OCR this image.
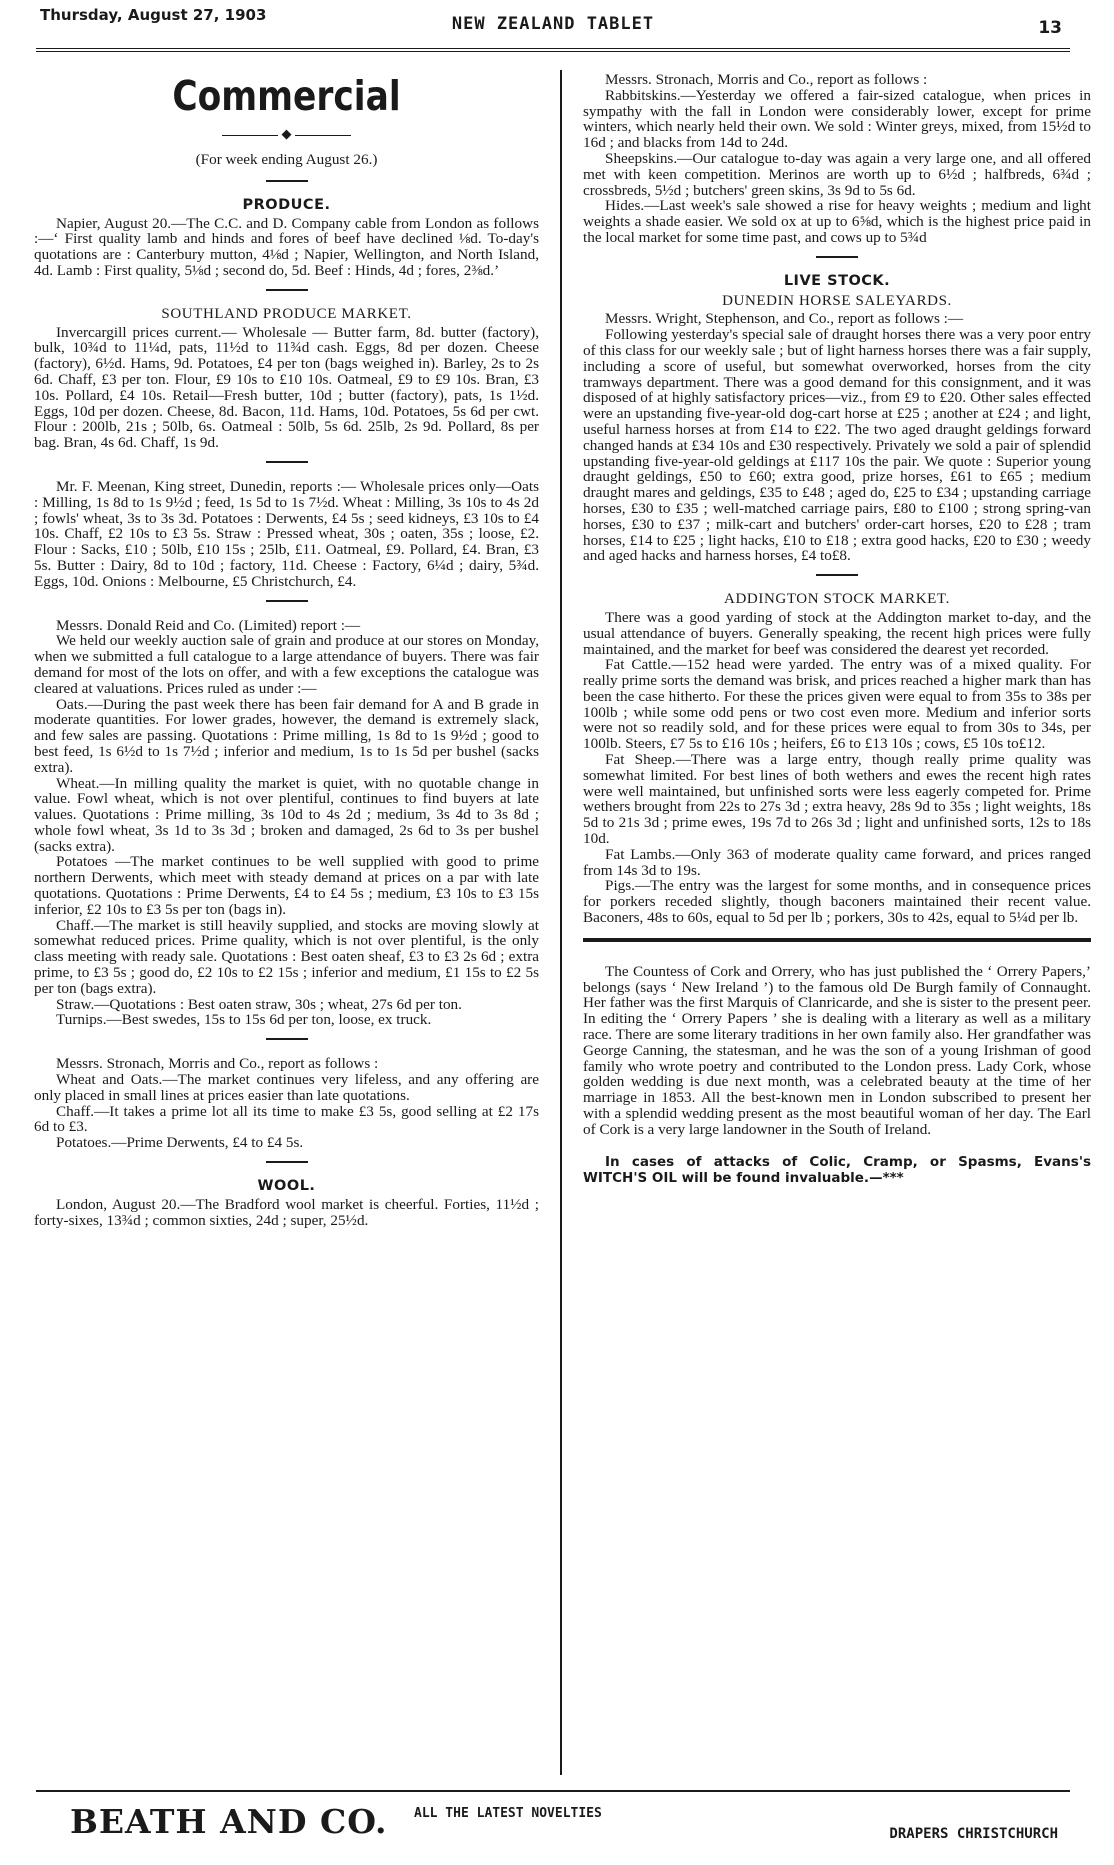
Thursday, August 27, 1903	NEW ZEALAND TABLET	13
Commercial
◆
(For week ending August 26.)
PRODUCE.

Napier, August 20.—The C.C. and D. Company cable from London as follows :—‘ First quality lamb and hinds and fores of beef have declined ⅛d. To-day's quotations are : Canterbury mutton, 4⅛d ; Napier, Wellington, and North Island, 4d. Lamb : First quality, 5⅛d ; second do, 5d. Beef : Hinds, 4d ; fores, 2⅜d.’

SOUTHLAND PRODUCE MARKET.

Invercargill prices current.— Wholesale — Butter farm, 8d. butter (factory), bulk, 10¾d to 11¼d, pats, 11½d to 11¾d cash. Eggs, 8d per dozen. Cheese (factory), 6½d. Hams, 9d. Potatoes, £4 per ton (bags weighed in). Barley, 2s to 2s 6d. Chaff, £3 per ton. Flour, £9 10s to £10 10s. Oatmeal, £9 to £9 10s. Bran, £3 10s. Pollard, £4 10s. Retail—Fresh butter, 10d ; butter (factory), pats, 1s 1½d. Eggs, 10d per dozen. Cheese, 8d. Bacon, 11d. Hams, 10d. Potatoes, 5s 6d per cwt. Flour : 200lb, 21s ; 50lb, 6s. Oatmeal : 50lb, 5s 6d. 25lb, 2s 9d. Pollard, 8s per bag. Bran, 4s 6d. Chaff, 1s 9d.

Mr. F. Meenan, King street, Dunedin, reports :— Wholesale prices only—Oats : Milling, 1s 8d to 1s 9½d ; feed, 1s 5d to 1s 7½d. Wheat : Milling, 3s 10s to 4s 2d ; fowls' wheat, 3s to 3s 3d. Potatoes : Derwents, £4 5s ; seed kidneys, £3 10s to £4 10s. Chaff, £2 10s to £3 5s. Straw : Pressed wheat, 30s ; oaten, 35s ; loose, £2. Flour : Sacks, £10 ; 50lb, £10 15s ; 25lb, £11. Oatmeal, £9. Pollard, £4. Bran, £3 5s. Butter : Dairy, 8d to 10d ; factory, 11d. Cheese : Factory, 6¼d ; dairy, 5¾d. Eggs, 10d. Onions : Melbourne, £5 Christchurch, £4.

Messrs. Donald Reid and Co. (Limited) report :—

We held our weekly auction sale of grain and produce at our stores on Monday, when we submitted a full catalogue to a large attendance of buyers. There was fair demand for most of the lots on offer, and with a few exceptions the catalogue was cleared at valuations. Prices ruled as under :—

Oats.—During the past week there has been fair demand for A and B grade in moderate quantities. For lower grades, however, the demand is extremely slack, and few sales are passing. Quotations : Prime milling, 1s 8d to 1s 9½d ; good to best feed, 1s 6½d to 1s 7½d ; inferior and medium, 1s to 1s 5d per bushel (sacks extra).

Wheat.—In milling quality the market is quiet, with no quotable change in value. Fowl wheat, which is not over plentiful, continues to find buyers at late values. Quotations : Prime milling, 3s 10d to 4s 2d ; medium, 3s 4d to 3s 8d ; whole fowl wheat, 3s 1d to 3s 3d ; broken and damaged, 2s 6d to 3s per bushel (sacks extra).

Potatoes —The market continues to be well supplied with good to prime northern Derwents, which meet with steady demand at prices on a par with late quotations. Quotations : Prime Derwents, £4 to £4 5s ; medium, £3 10s to £3 15s inferior, £2 10s to £3 5s per ton (bags in).

Chaff.—The market is still heavily supplied, and stocks are moving slowly at somewhat reduced prices. Prime quality, which is not over plentiful, is the only class meeting with ready sale. Quotations : Best oaten sheaf, £3 to £3 2s 6d ; extra prime, to £3 5s ; good do, £2 10s to £2 15s ; inferior and medium, £1 15s to £2 5s per ton (bags extra).

Straw.—Quotations : Best oaten straw, 30s ; wheat, 27s 6d per ton.

Turnips.—Best swedes, 15s to 15s 6d per ton, loose, ex truck.

Messrs. Stronach, Morris and Co., report as follows :

Wheat and Oats.—The market continues very lifeless, and any offering are only placed in small lines at prices easier than late quotations.

Chaff.—It takes a prime lot all its time to make £3 5s, good selling at £2 17s 6d to £3.

Potatoes.—Prime Derwents, £4 to £4 5s.

WOOL.

London, August 20.—The Bradford wool market is cheerful. Forties, 11½d ; forty-sixes, 13¾d ; common sixties, 24d ; super, 25½d.

Messrs. Stronach, Morris and Co., report as follows :

Rabbitskins.—Yesterday we offered a fair-sized catalogue, when prices in sympathy with the fall in London were considerably lower, except for prime winters, which nearly held their own. We sold : Winter greys, mixed, from 15½d to 16d ; and blacks from 14d to 24d.

Sheepskins.—Our catalogue to-day was again a very large one, and all offered met with keen competition. Merinos are worth up to 6½d ; halfbreds, 6¾d ; crossbreds, 5½d ; butchers' green skins, 3s 9d to 5s 6d.

Hides.—Last week's sale showed a rise for heavy weights ; medium and light weights a shade easier. We sold ox at up to 6⅝d, which is the highest price paid in the local market for some time past, and cows up to 5¾d

LIVE STOCK.
DUNEDIN HORSE SALEYARDS.

Messrs. Wright, Stephenson, and Co., report as follows :—

Following yesterday's special sale of draught horses there was a very poor entry of this class for our weekly sale ; but of light harness horses there was a fair supply, including a score of useful, but somewhat overworked, horses from the city tramways department. There was a good demand for this consignment, and it was disposed of at highly satisfactory prices—viz., from £9 to £20. Other sales effected were an upstanding five-year-old dog-cart horse at £25 ; another at £24 ; and light, useful harness horses at from £14 to £22. The two aged draught geldings forward changed hands at £34 10s and £30 respectively. Privately we sold a pair of splendid upstanding five-year-old geldings at £117 10s the pair. We quote : Superior young draught geldings, £50 to £60; extra good, prize horses, £61 to £65 ; medium draught mares and geldings, £35 to £48 ; aged do, £25 to £34 ; upstanding carriage horses, £30 to £35 ; well-matched carriage pairs, £80 to £100 ; strong spring-van horses, £30 to £37 ; milk-cart and butchers' order-cart horses, £20 to £28 ; tram horses, £14 to £25 ; light hacks, £10 to £18 ; extra good hacks, £20 to £30 ; weedy and aged hacks and harness horses, £4 to£8.

ADDINGTON STOCK MARKET.

There was a good yarding of stock at the Addington market to-day, and the usual attendance of buyers. Generally speaking, the recent high prices were fully maintained, and the market for beef was considered the dearest yet recorded.

Fat Cattle.—152 head were yarded. The entry was of a mixed quality. For really prime sorts the demand was brisk, and prices reached a higher mark than has been the case hitherto. For these the prices given were equal to from 35s to 38s per 100lb ; while some odd pens or two cost even more. Medium and inferior sorts were not so readily sold, and for these prices were equal to from 30s to 34s, per 100lb. Steers, £7 5s to £16 10s ; heifers, £6 to £13 10s ; cows, £5 10s to£12.

Fat Sheep.—There was a large entry, though really prime quality was somewhat limited. For best lines of both wethers and ewes the recent high rates were well maintained, but unfinished sorts were less eagerly competed for. Prime wethers brought from 22s to 27s 3d ; extra heavy, 28s 9d to 35s ; light weights, 18s 5d to 21s 3d ; prime ewes, 19s 7d to 26s 3d ; light and unfinished sorts, 12s to 18s 10d.

Fat Lambs.—Only 363 of moderate quality came forward, and prices ranged from 14s 3d to 19s.

Pigs.—The entry was the largest for some months, and in consequence prices for porkers receded slightly, though baconers maintained their recent value. Baconers, 48s to 60s, equal to 5d per lb ; porkers, 30s to 42s, equal to 5¼d per lb.

The Countess of Cork and Orrery, who has just published the ‘ Orrery Papers,’ belongs (says ‘ New Ireland ’) to the famous old De Burgh family of Connaught. Her father was the first Marquis of Clanricarde, and she is sister to the present peer. In editing the ‘ Orrery Papers ’ she is dealing with a literary as well as a military race. There are some literary traditions in her own family also. Her grandfather was George Canning, the statesman, and he was the son of a young Irishman of good family who wrote poetry and contributed to the London press. Lady Cork, whose golden wedding is due next month, was a celebrated beauty at the time of her marriage in 1853. All the best-known men in London subscribed to present her with a splendid wedding present as the most beautiful woman of her day. The Earl of Cork is a very large landowner in the South of Ireland.

In cases of attacks of Colic, Cramp, or Spasms, Evans's WITCH'S OIL will be found invaluable.—***

BEATH AND CO. ALL THE LATEST NOVELTIES
DRAPERS CHRISTCHURCH
